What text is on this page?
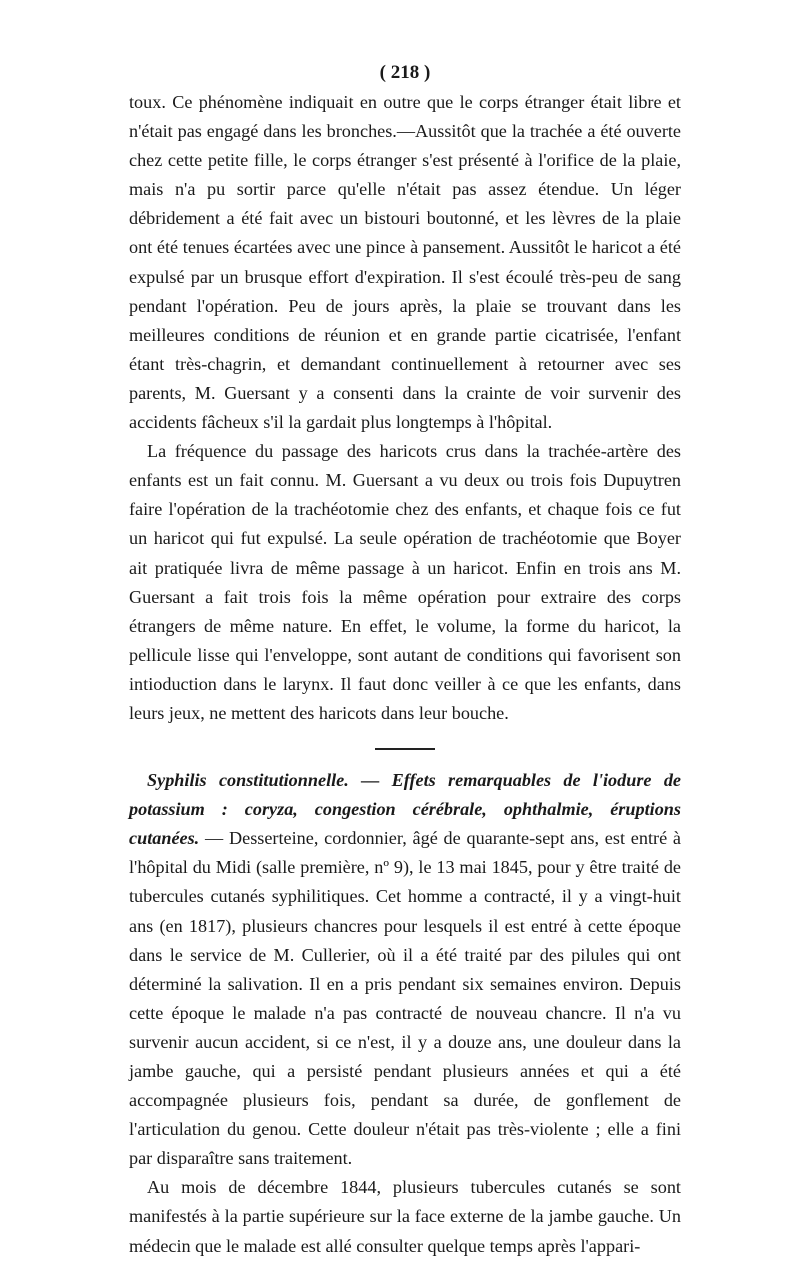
( 218 )

toux. Ce phénomène indiquait en outre que le corps étranger était libre et n'était pas engagé dans les bronches.—Aussitôt que la trachée a été ouverte chez cette petite fille, le corps étranger s'est présenté à l'orifice de la plaie, mais n'a pu sortir parce qu'elle n'était pas assez étendue. Un léger débridement a été fait avec un bistouri boutonné, et les lèvres de la plaie ont été tenues écartées avec une pince à pansement. Aussitôt le haricot a été expulsé par un brusque effort d'expiration. Il s'est écoulé très-peu de sang pendant l'opération. Peu de jours après, la plaie se trouvant dans les meilleures conditions de réunion et en grande partie cicatrisée, l'enfant étant très-chagrin, et demandant continuellement à retourner avec ses parents, M. Guersant y a consenti dans la crainte de voir survenir des accidents fâcheux s'il la gardait plus longtemps à l'hôpital.

La fréquence du passage des haricots crus dans la trachée-artère des enfants est un fait connu. M. Guersant a vu deux ou trois fois Dupuytren faire l'opération de la trachéotomie chez des enfants, et chaque fois ce fut un haricot qui fut expulsé. La seule opération de trachéotomie que Boyer ait pratiquée livra de même passage à un haricot. Enfin en trois ans M. Guersant a fait trois fois la même opération pour extraire des corps étrangers de même nature. En effet, le volume, la forme du haricot, la pellicule lisse qui l'enveloppe, sont autant de conditions qui favorisent son intioduction dans le larynx. Il faut donc veiller à ce que les enfants, dans leurs jeux, ne mettent des haricots dans leur bouche.

Syphilis constitutionnelle. — Effets remarquables de l'iodure de potassium : coryza, congestion cérébrale, ophthalmie, éruptions cutanées. — Desserteine, cordonnier, âgé de quarante-sept ans, est entré à l'hôpital du Midi (salle première, nº 9), le 13 mai 1845, pour y être traité de tubercules cutanés syphilitiques. Cet homme a contracté, il y a vingt-huit ans (en 1817), plusieurs chancres pour lesquels il est entré à cette époque dans le service de M. Cullerier, où il a été traité par des pilules qui ont déterminé la salivation. Il en a pris pendant six semaines environ. Depuis cette époque le malade n'a pas contracté de nouveau chancre. Il n'a vu survenir aucun accident, si ce n'est, il y a douze ans, une douleur dans la jambe gauche, qui a persisté pendant plusieurs années et qui a été accompagnée plusieurs fois, pendant sa durée, de gonflement de l'articulation du genou. Cette douleur n'était pas très-violente ; elle a fini par disparaître sans traitement.

Au mois de décembre 1844, plusieurs tubercules cutanés se sont manifestés à la partie supérieure sur la face externe de la jambe gauche. Un médecin que le malade est allé consulter quelque temps après l'appari-
